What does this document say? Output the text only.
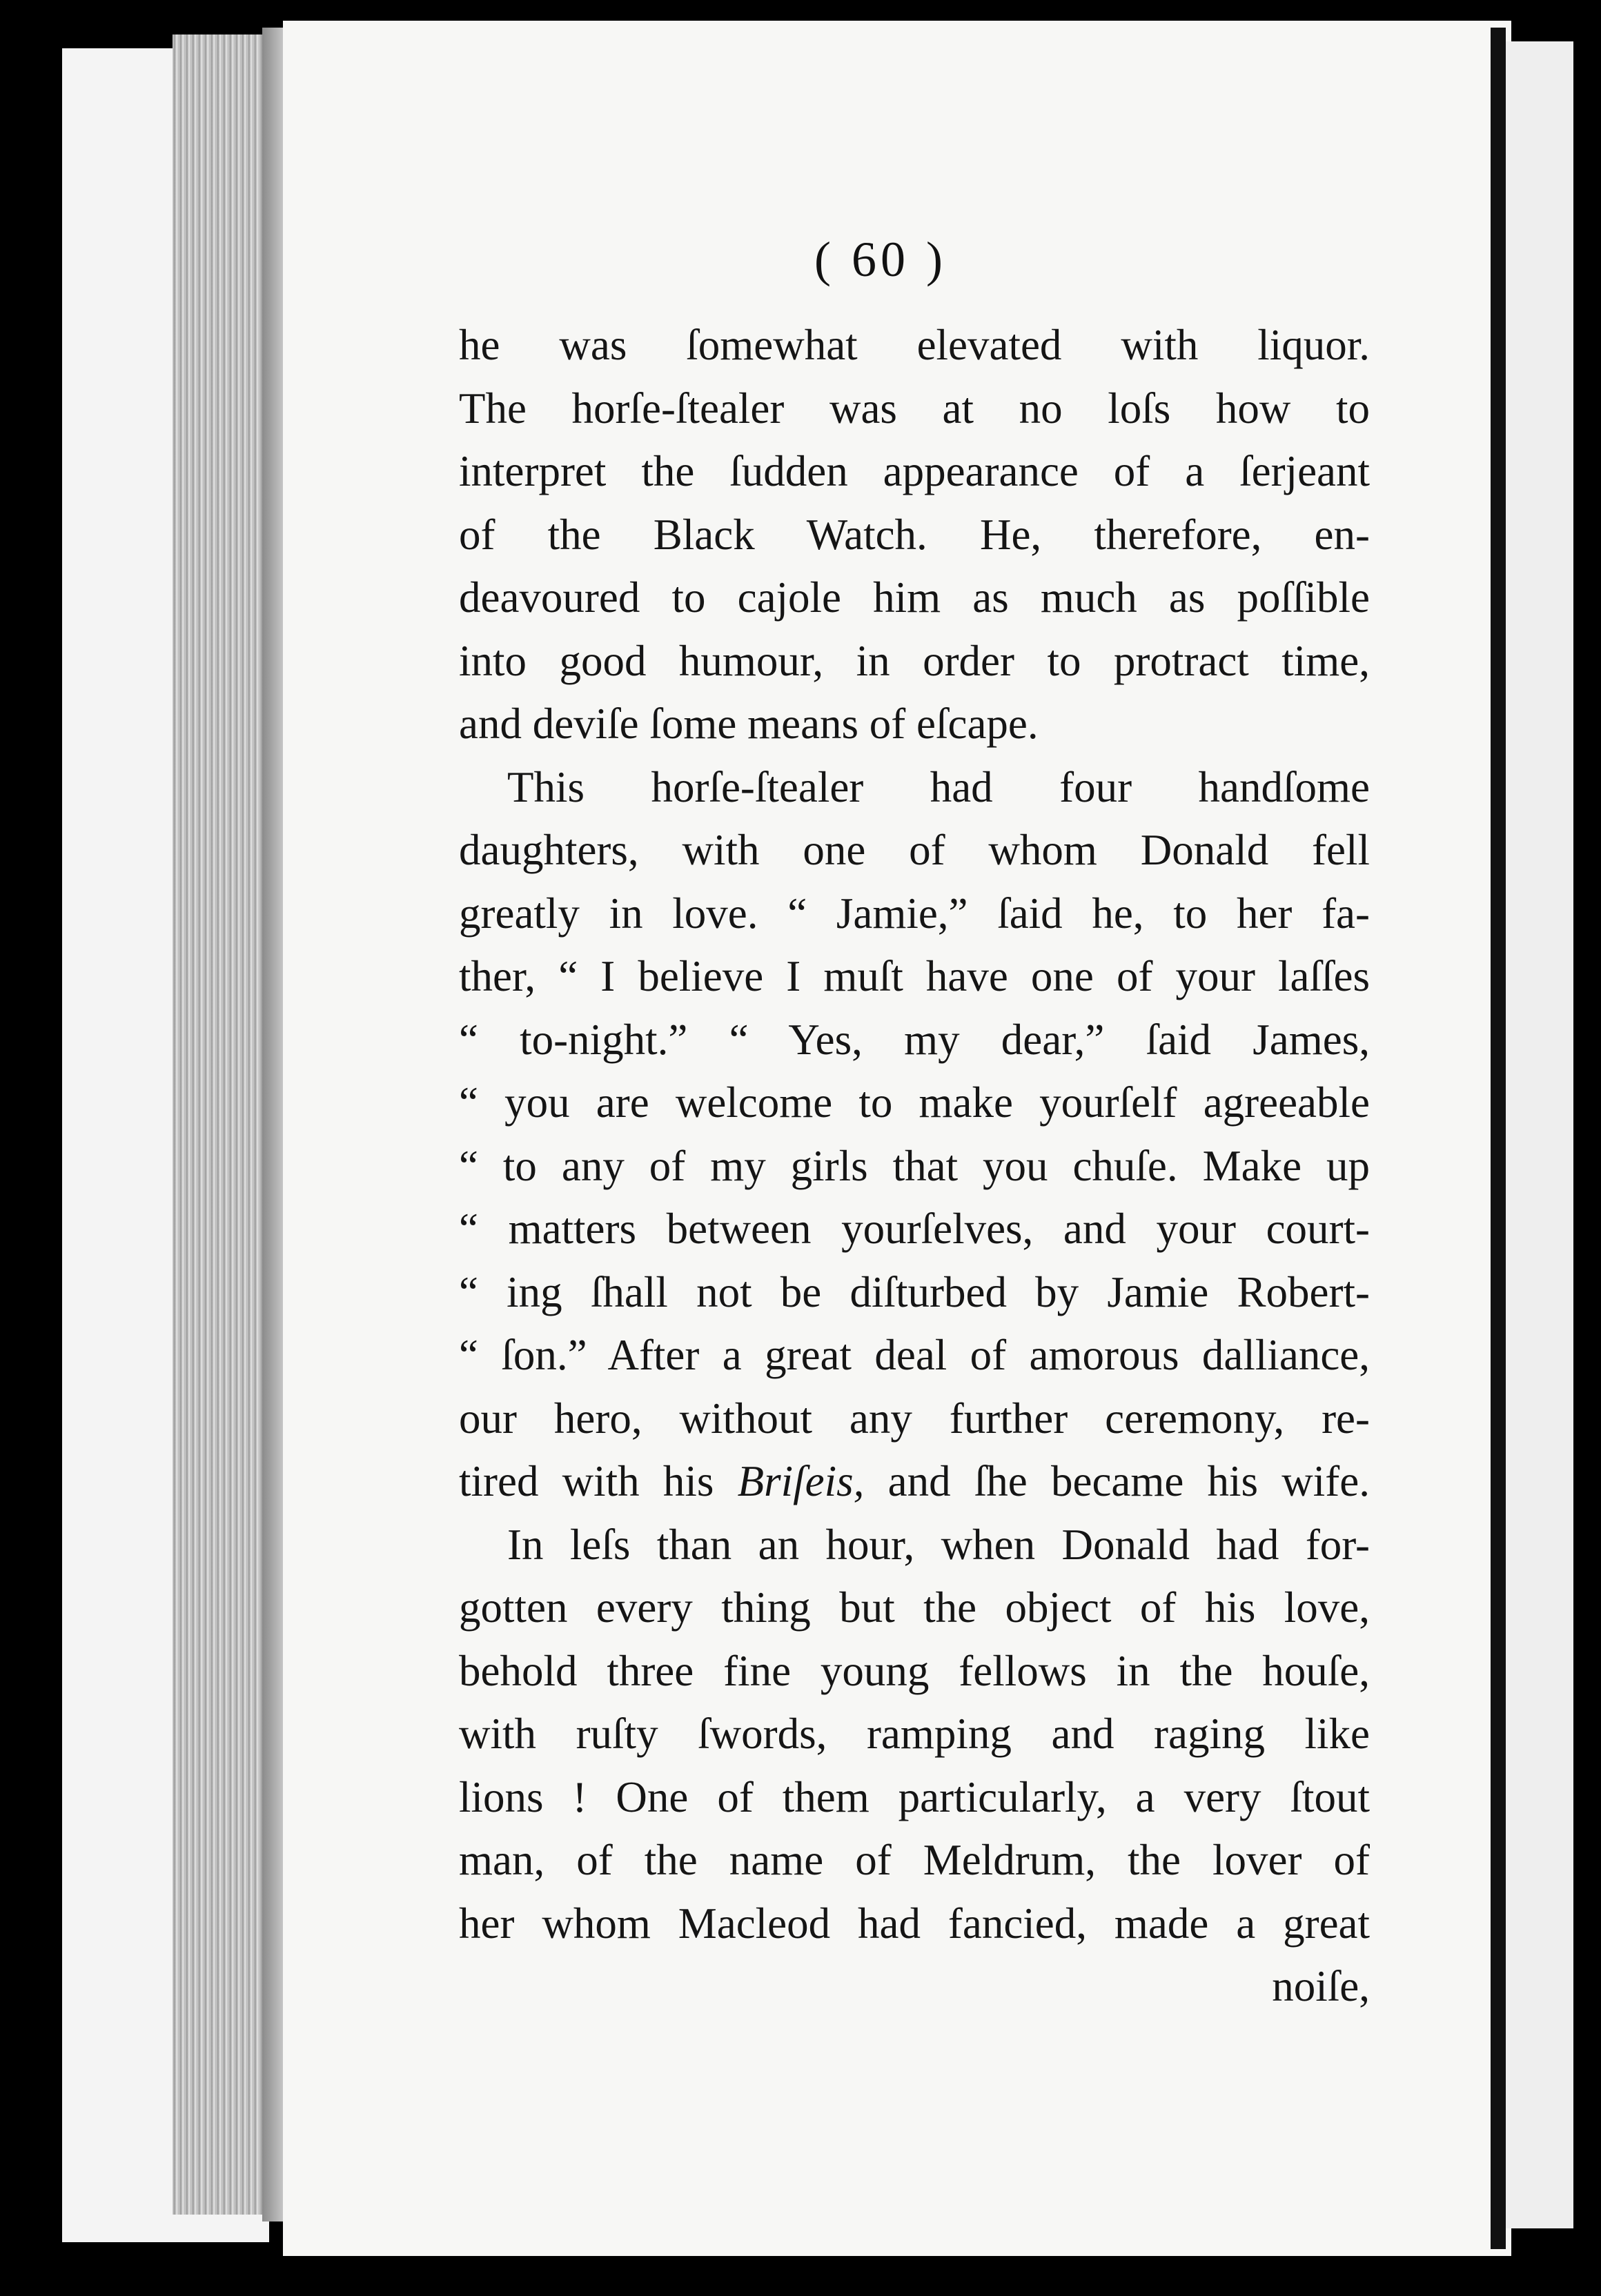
( 60 )
he was ſomewhat elevated with liquor.
The horſe-ſtealer was at no loſs how to
interpret the ſudden appearance of a ſerjeant
of the Black Watch. He, therefore, en-
deavoured to cajole him as much as poſſible
into good humour, in order to protract time,
and deviſe ſome means of eſcape.
This horſe-ſtealer had four handſome
daughters, with one of whom Donald fell
greatly in love. “ Jamie,” ſaid he, to her fa-
ther, “ I believe I muſt have one of your laſſes
“ to-night.” “ Yes, my dear,” ſaid James,
“ you are welcome to make yourſelf agreeable
“ to any of my girls that you chuſe. Make up
“ matters between yourſelves, and your court-
“ ing ſhall not be diſturbed by Jamie Robert-
“ ſon.” After a great deal of amorous dalliance,
our hero, without any further ceremony, re-
tired with his Briſeis, and ſhe became his wife.
In leſs than an hour, when Donald had for-
gotten every thing but the object of his love,
behold three fine young fellows in the houſe,
with ruſty ſwords, ramping and raging like
lions ! One of them particularly, a very ſtout
man, of the name of Meldrum, the lover of
her whom Macleod had fancied, made a great
noiſe,
